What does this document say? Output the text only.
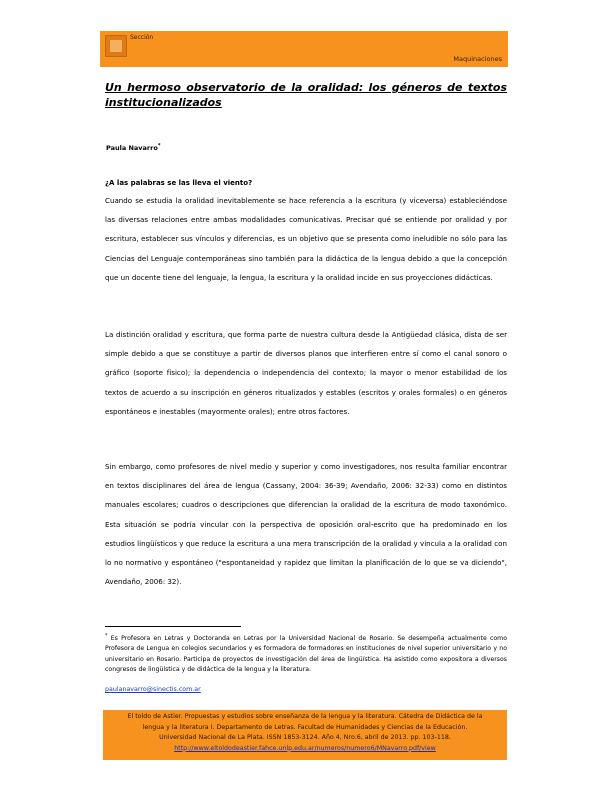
Sección
Maquinaciones
Un hermoso observatorio de la oralidad: los géneros de textos institucionalizados
Paula Navarro*
¿A las palabras se las lleva el viento?

Cuando se estudia la oralidad inevitablemente se hace referencia a la escritura (y viceversa) estableciéndose las diversas relaciones entre ambas modalidades comunicativas. Precisar qué se entiende por oralidad y por escritura, establecer sus vínculos y diferencias, es un objetivo que se presenta como ineludible no sólo para las Ciencias del Lenguaje contemporáneas sino también para la didáctica de la lengua debido a que la concepción que un docente tiene del lenguaje, la lengua, la escritura y la oralidad incide en sus proyecciones didácticas.

La distinción oralidad y escritura, que forma parte de nuestra cultura desde la Antigüedad clásica, dista de ser simple debido a que se constituye a partir de diversos planos que interfieren entre sí como el canal sonoro o gráfico (soporte físico); la dependencia o independencia del contexto; la mayor o menor estabilidad de los textos de acuerdo a su inscripción en géneros ritualizados y estables (escritos y orales formales) o en géneros espontáneos e inestables (mayormente orales); entre otros factores.

Sin embargo, como profesores de nivel medio y superior y como investigadores, nos resulta familiar encontrar en textos disciplinares del área de lengua (Cassany, 2004: 36-39; Avendaño, 2006: 32-33) como en distintos manuales escolares; cuadros o descripciones que diferencian la oralidad de la escritura de modo taxonómico. Esta situación se podría vincular con la perspectiva de oposición oral-escrito que ha predominado en los estudios lingüísticos y que reduce la escritura a una mera transcripción de la oralidad y vincula a la oralidad con lo no normativo y espontáneo ("espontaneidad y rapidez que limitan la planificación de lo que se va diciendo", Avendaño, 2006: 32).

* Es Profesora en Letras y Doctoranda en Letras por la Universidad Nacional de Rosario. Se desempeña actualmente como Profesora de Lengua en colegios secundarios y es formadora de formadores en instituciones de nivel superior universitario y no universitario en Rosario. Participa de proyectos de investigación del área de lingüística. Ha asistido como expositora a diversos congresos de lingüística y de didáctica de la lengua y la literatura.

paulanavarro@sinectis.com.ar
El toldo de Astier. Propuestas y estudios sobre enseñanza de la lengua y la literatura. Cátedra de Didáctica de la
lengua y la literatura I. Departamento de Letras. Facultad de Humanidades y Ciencias de la Educación.
Universidad Nacional de La Plata. ISSN 1853-3124. Año 4, Nro.6, abril de 2013. pp. 103-118.
http://www.eltoldodeastier.fahce.unlp.edu.ar/numeros/numero6/MNavarro.pdf/view
